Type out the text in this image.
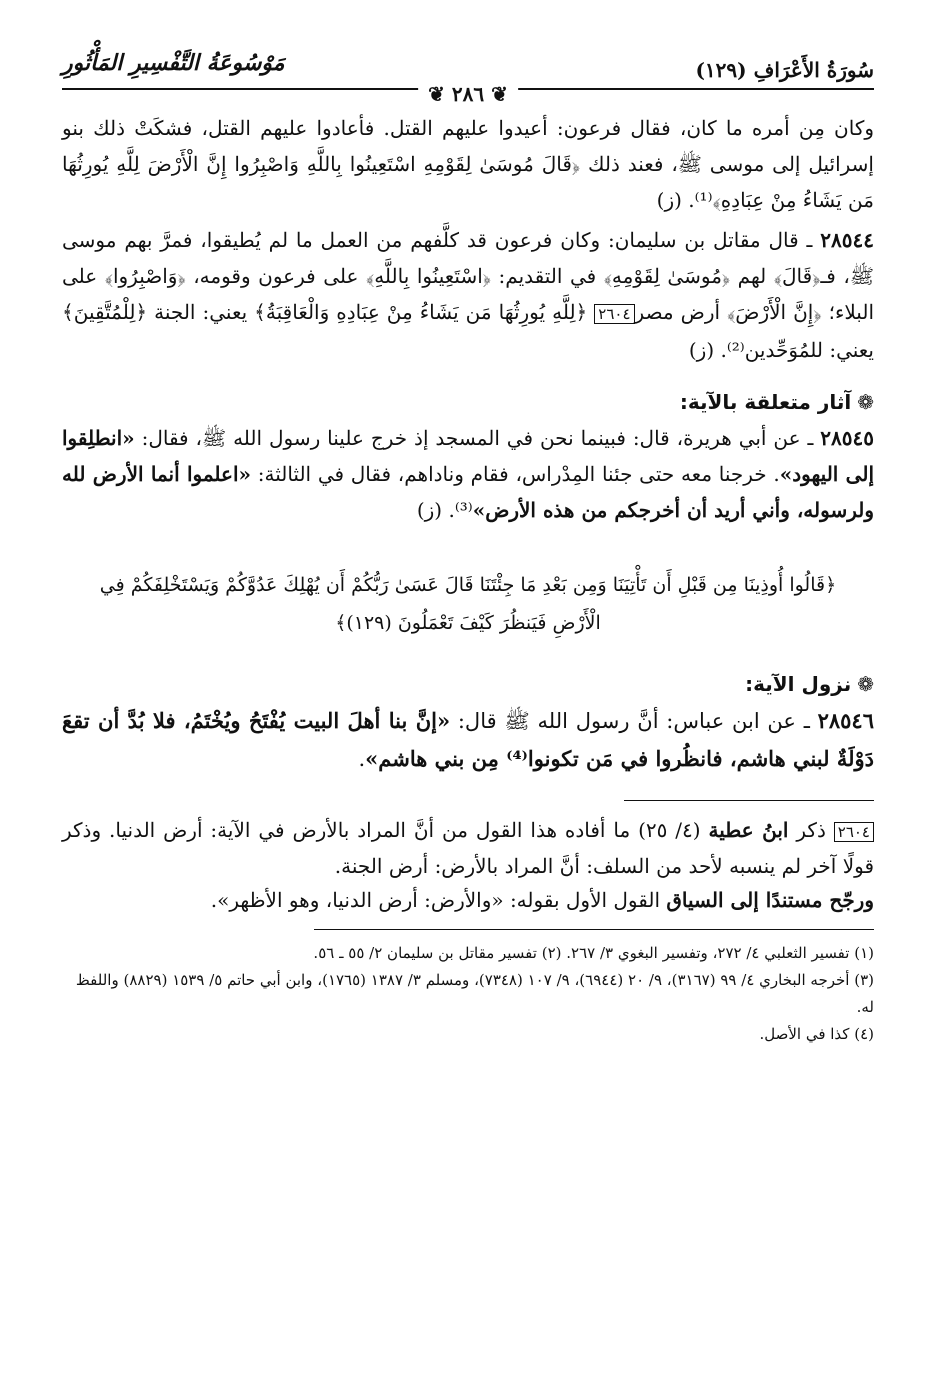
سُورَةُ الأَعْرَافِ (١٢٩)
مَوْسُوعَةُ التَّفْسِيرِ المَأْثُورِ
❦ ٢٨٦ ❦

وكان مِن أمره ما كان، فقال فرعون: أعيدوا عليهم القتل. فأعادوا عليهم القتل، فشكَتْ ذلك بنو إسرائيل إلى موسى ﷺ، فعند ذلك ﴿قَالَ مُوسَىٰ لِقَوْمِهِ اسْتَعِينُوا بِاللَّهِ وَاصْبِرُوا إِنَّ الْأَرْضَ لِلَّهِ يُورِثُهَا مَن يَشَاءُ مِنْ عِبَادِهِ﴾⁽¹⁾. (ز)

٢٨٥٤٤ ـ قال مقاتل بن سليمان: وكان فرعون قد كلَّفهم من العمل ما لم يُطيقوا، فمرَّ بهم موسى ﷺ، فـ﴿قَالَ﴾ لهم ﴿مُوسَىٰ لِقَوْمِهِ﴾ في التقديم: ﴿اسْتَعِينُوا بِاللَّهِ﴾ على فرعون وقومه، ﴿وَاصْبِرُوا﴾ على البلاء؛ ﴿إِنَّ الْأَرْضَ﴾ أرض مصر٢٦٠٤ ﴿لِلَّهِ يُورِثُهَا مَن يَشَاءُ مِنْ عِبَادِهِ وَالْعَاقِبَةُ﴾ يعني: الجنة ﴿لِلْمُتَّقِينَ﴾ يعني: للمُوَحِّدين⁽²⁾. (ز)

❁آثار متعلقة بالآية:

٢٨٥٤٥ ـ عن أبي هريرة، قال: فبينما نحن في المسجد إذ خرج علينا رسول الله ﷺ، فقال: «انطلِقوا إلى اليهود». خرجنا معه حتى جئنا المِدْراس، فقام وناداهم، فقال في الثالثة: «اعلموا أنما الأرض لله ولرسوله، وأني أريد أن أخرجكم من هذه الأرض»⁽³⁾. (ز)

﴿قَالُوا أُوذِينَا مِن قَبْلِ أَن تَأْتِيَنَا وَمِن بَعْدِ مَا جِئْتَنَا قَالَ عَسَىٰ رَبُّكُمْ أَن يُهْلِكَ عَدُوَّكُمْ وَيَسْتَخْلِفَكُمْ فِي الْأَرْضِ فَيَنظُرَ كَيْفَ تَعْمَلُونَ (١٢٩)﴾
❁نزول الآية:

٢٨٥٤٦ ـ عن ابن عباس: أنَّ رسول الله ﷺ قال: «إنَّ بنا أهلَ البيت يُفْتَحُ ويُخْتَمُ، فلا بُدَّ أن تقعَ دَوْلَةٌ لبني هاشم، فانظُروا في مَن تكونوا⁽⁴⁾ مِن بني هاشم».

٢٦٠٤ ذكر ابنُ عطية (٤/ ٢٥) ما أفاده هذا القول من أنَّ المراد بالأرض في الآية: أرض الدنيا. وذكر قولًا آخر لم ينسبه لأحد من السلف: أنَّ المراد بالأرض: أرض الجنة.
ورجّح مستندًا إلى السياق القول الأول بقوله: «والأرض: أرض الدنيا، وهو الأظهر».
(١) تفسير الثعلبي ٤/ ٢٧٢، وتفسير البغوي ٣/ ٢٦٧. (٢) تفسير مقاتل بن سليمان ٢/ ٥٥ ـ ٥٦.
(٣) أخرجه البخاري ٤/ ٩٩ (٣١٦٧)، ٩/ ٢٠ (٦٩٤٤)، ٩/ ١٠٧ (٧٣٤٨)، ومسلم ٣/ ١٣٨٧ (١٧٦٥)، وابن أبي حاتم ٥/ ١٥٣٩ (٨٨٢٩) واللفظ له.
(٤) كذا في الأصل.
